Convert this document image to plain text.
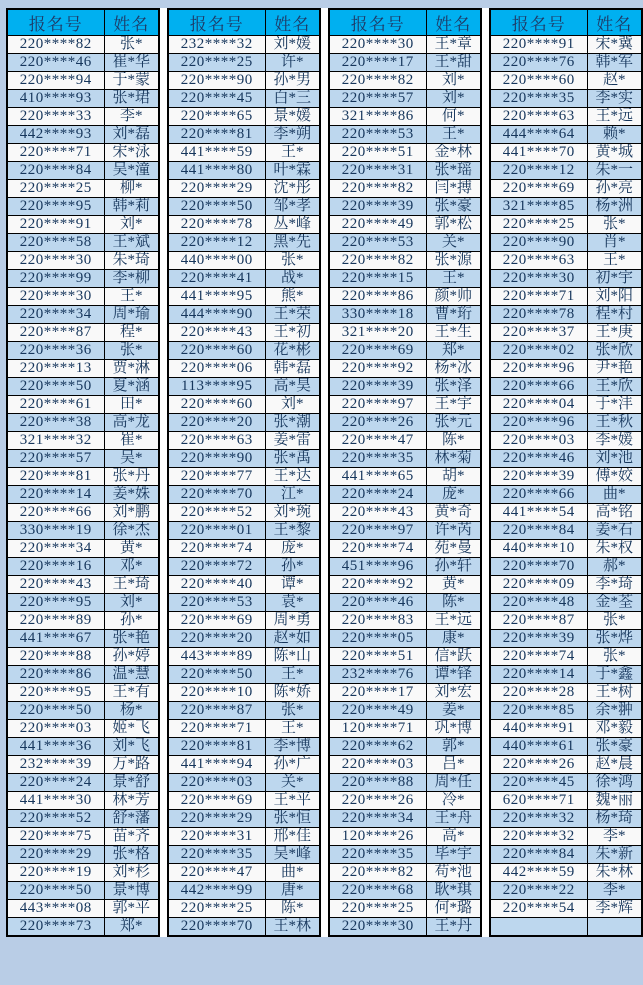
报名号	姓名
220****82	张*
220****46	崔*华
220****94	于*蒙
410****93	张*珺
220****33	李*
442****93	刘*磊
220****71	宋*泳
220****84	吴*潼
220****25	柳*
220****95	韩*莉
220****91	刘*
220****58	王*斌
220****30	朱*琦
220****99	李*柳
220****30	王*
220****34	周*瑜
220****87	程*
220****36	张*
220****13	贾*淋
220****50	夏*涵
220****61	田*
220****38	高*龙
321****32	崔*
220****57	吴*
220****81	张*丹
220****14	姜*姝
220****66	刘*鹏
330****19	徐*杰
220****34	黄*
220****16	邓*
220****43	王*琦
220****95	刘*
220****89	孙*
441****67	张*艳
220****88	孙*婷
220****86	温*慧
220****95	王*有
220****50	杨*
220****03	姬*飞
441****36	刘*飞
232****39	万*路
220****24	景*舒
441****30	林*芳
220****52	舒*藩
220****75	苗*齐
220****29	张*格
220****19	刘*杉
220****50	景*博
443****08	郭*平
220****73	郑*
报名号	姓名
232****32	刘*媛
220****25	许*
220****90	孙*男
220****45	白*三
220****65	景*媛
220****81	李*朔
441****59	王*
441****80	叶*霖
220****29	沈*彤
220****50	邹*孝
220****78	丛*峰
220****12	黑*先
440****00	张*
220****41	战*
441****95	熊*
444****90	王*荣
220****43	王*初
220****60	花*彬
220****06	韩*磊
113****95	高*昊
220****60	刘*
220****20	张*潮
220****63	姜*雷
220****90	张*禹
220****77	王*达
220****70	江*
220****52	刘*琬
220****01	王*黎
220****74	庞*
220****72	孙*
220****40	谭*
220****53	袁*
220****69	周*勇
220****20	赵*如
443****89	陈*山
220****50	王*
220****10	陈*娇
220****87	张*
220****71	王*
220****81	李*博
441****94	孙*广
220****03	关*
220****69	王*平
220****29	张*恒
220****31	邢*佳
220****35	吴*峰
220****47	曲*
442****99	唐*
220****25	陈*
220****70	王*林
报名号	姓名
220****30	王*章
220****17	王*甜
220****82	刘*
220****57	刘*
321****86	何*
220****53	王*
220****51	金*林
220****31	张*瑶
220****82	闫*搏
220****39	张*豪
220****49	郭*松
220****53	关*
220****82	张*源
220****15	王*
220****86	颜*帅
330****18	曹*珩
321****20	王*生
220****69	郑*
220****92	杨*冰
220****39	张*泽
220****97	王*宇
220****26	张*元
220****47	陈*
220****35	林*菊
441****65	胡*
220****24	庞*
220****43	黄*奇
220****97	许*芮
220****74	苑*曼
451****96	孙*轩
220****92	黄*
220****46	陈*
220****83	王*远
220****05	康*
220****51	信*跃
232****76	谭*铎
220****17	刘*宏
220****49	姜*
120****71	巩*博
220****62	郭*
220****03	吕*
220****88	周*任
220****26	冷*
220****34	王*舟
120****26	高*
220****35	毕*宇
220****82	苟*池
220****68	耿*琪
220****25	何*璐
220****30	王*丹
报名号	姓名
220****91	宋*冀
220****76	韩*军
220****60	赵*
220****35	李*实
220****63	王*远
444****64	赖*
441****70	黄*城
220****12	朱*一
220****69	孙*亮
321****85	杨*洲
220****25	张*
220****90	肖*
220****63	王*
220****30	初*宇
220****71	刘*阳
220****78	程*村
220****37	王*庚
220****02	张*欣
220****96	尹*艳
220****66	王*欣
220****04	于*沣
220****96	王*秋
220****03	李*媛
220****46	刘*池
220****39	傅*姣
220****66	曲*
441****54	高*铭
220****84	姜*石
440****10	朱*权
220****70	郝*
220****09	李*琦
220****48	金*荃
220****87	张*
220****39	张*烨
220****74	张*
220****14	于*鑫
220****28	王*树
220****85	余*翀
440****91	邓*毅
440****61	张*豪
220****26	赵*晨
220****45	徐*鸿
620****71	魏*丽
220****32	杨*琦
220****32	李*
220****84	朱*新
442****59	朱*林
220****22	李*
220****54	李*辉
